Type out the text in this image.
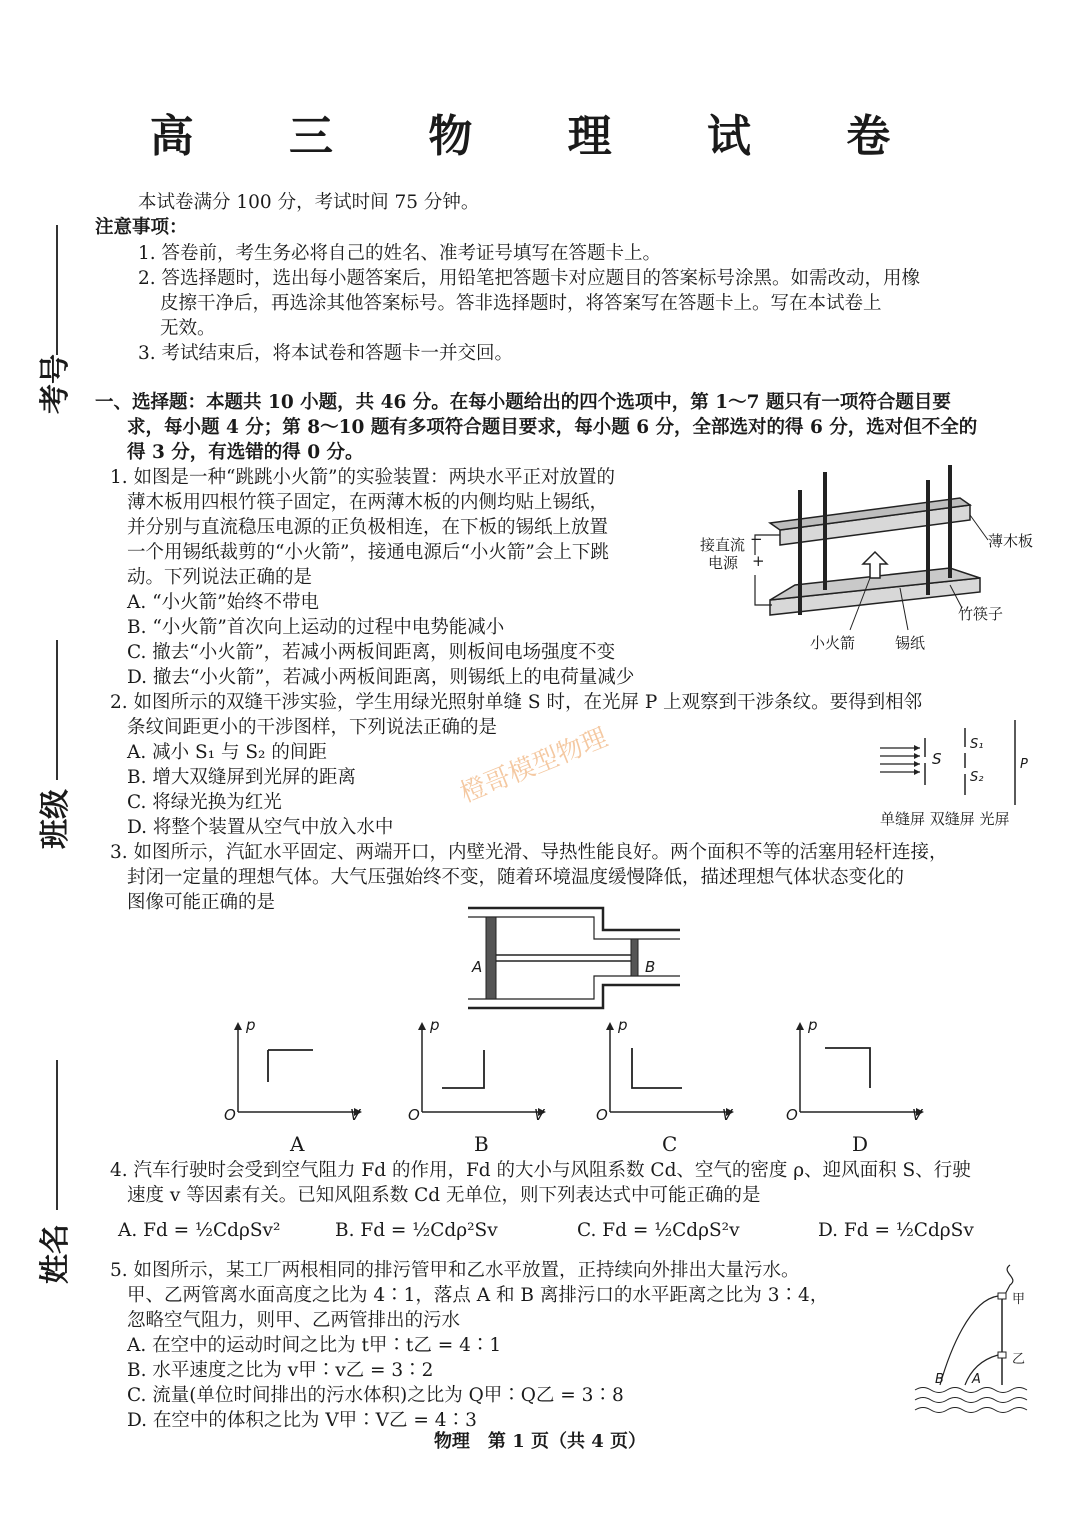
高 三 物 理 试 卷
考号
班级
姓名
本试卷满分 100 分，考试时间 75 分钟。
注意事项：
1. 答卷前，考生务必将自己的姓名、准考证号填写在答题卡上。
2. 答选择题时，选出每小题答案后，用铅笔把答题卡对应题目的答案标号涂黑。如需改动，用橡
皮擦干净后，再选涂其他答案标号。答非选择题时，将答案写在答题卡上。写在本试卷上
无效。
3. 考试结束后，将本试卷和答题卡一并交回。
一、选择题：本题共 10 小题，共 46 分。在每小题给出的四个选项中，第 1～7 题只有一项符合题目要
求，每小题 4 分；第 8～10 题有多项符合题目要求，每小题 6 分，全部选对的得 6 分，选对但不全的
得 3 分，有选错的得 0 分。
1. 如图是一种“跳跳小火箭”的实验装置：两块水平正对放置的
薄木板用四根竹筷子固定，在两薄木板的内侧均贴上锡纸，
并分别与直流稳压电源的正负极相连，在下板的锡纸上放置
一个用锡纸裁剪的“小火箭”，接通电源后“小火箭”会上下跳
动。下列说法正确的是
A. “小火箭”始终不带电
B. “小火箭”首次向上运动的过程中电势能减小
C. 撤去“小火箭”，若减小两板间距离，则板间电场强度不变
D. 撤去“小火箭”，若减小两板间距离，则锡纸上的电荷量减少
接直流
电源
−
+
薄木板
竹筷子
小火箭	锡纸
2. 如图所示的双缝干涉实验，学生用绿光照射单缝 S 时，在光屏 P 上观察到干涉条纹。要得到相邻
条纹间距更小的干涉图样，下列说法正确的是
A. 减小 S₁ 与 S₂ 的间距
B. 增大双缝屏到光屏的距离
C. 将绿光换为红光
D. 将整个装置从空气中放入水中
S
S₁
S₂
P
单缝屏 双缝屏 光屏
橙哥模型物理
3. 如图所示，汽缸水平固定、两端开口，内壁光滑、导热性能良好。两个面积不等的活塞用轻杆连接，
封闭一定量的理想气体。大气压强始终不变，随着环境温度缓慢降低，描述理想气体状态变化的
图像可能正确的是
A	B
p
V
O
A
p
V
O
B
p
V
O
C
p
V
O
D
4. 汽车行驶时会受到空气阻力 Fd 的作用，Fd 的大小与风阻系数 Cd、空气的密度 ρ、迎风面积 S、行驶
速度 v 等因素有关。已知风阻系数 Cd 无单位，则下列表达式中可能正确的是
A. Fd = ½CdρSv²	B. Fd = ½Cdρ²Sv	C. Fd = ½CdρS²v	D. Fd = ½CdρSv
5. 如图所示，某工厂两根相同的排污管甲和乙水平放置，正持续向外排出大量污水。
甲、乙两管离水面高度之比为 4∶1，落点 A 和 B 离排污口的水平距离之比为 3∶4，
忽略空气阻力，则甲、乙两管排出的污水
A. 在空中的运动时间之比为 t甲∶t乙 = 4∶1
B. 水平速度之比为 v甲∶v乙 = 3∶2
C. 流量(单位时间排出的污水体积)之比为 Q甲∶Q乙 = 3∶8
D. 在空中的体积之比为 V甲∶V乙 = 4∶3
甲
乙
B A
物理　第 1 页（共 4 页）
